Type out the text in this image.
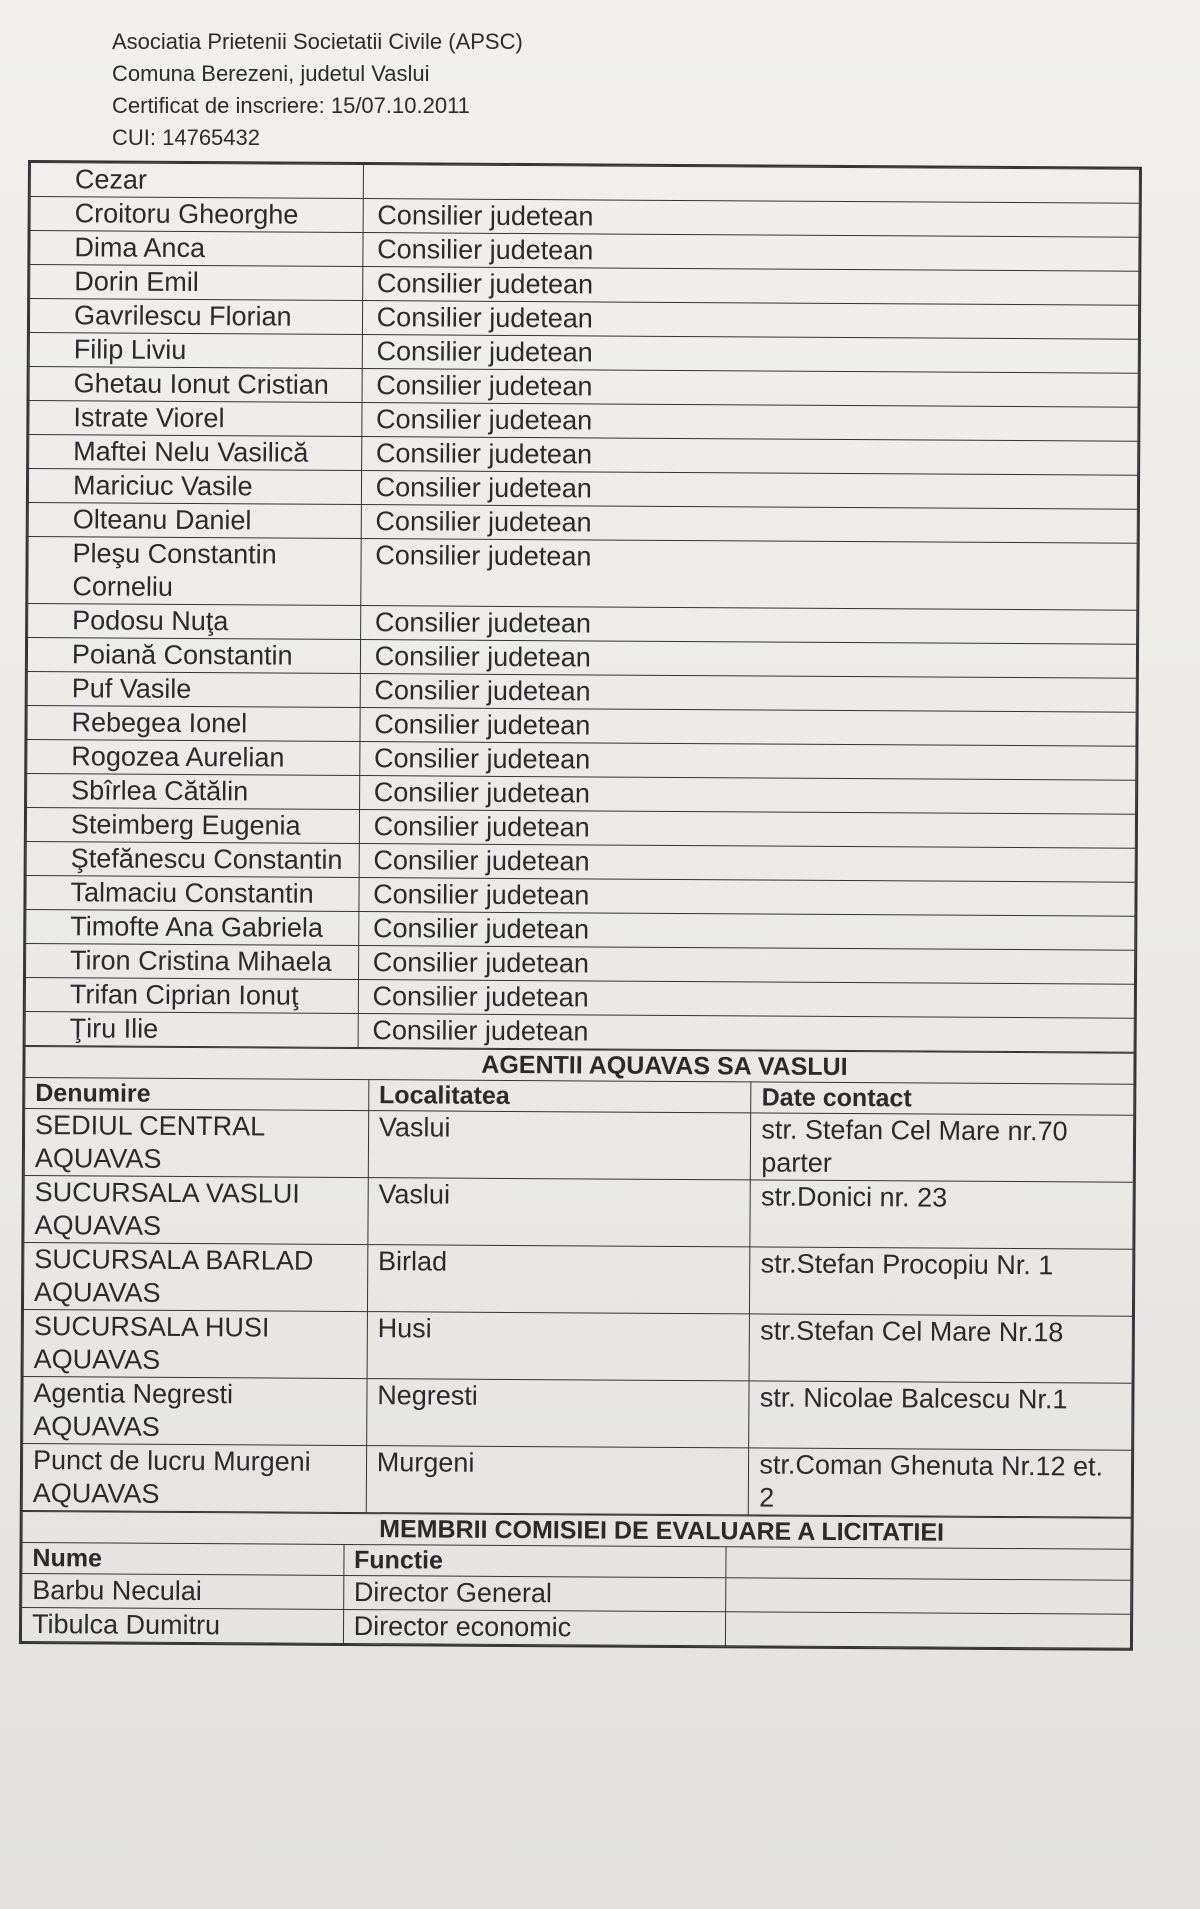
Asociatia Prietenii Societatii Civile (APSC)
Comuna Berezeni, judetul Vaslui
Certificat de inscriere: 15/07.10.2011
CUI: 14765432
Cezar	
Croitoru Gheorghe	Consilier judetean
Dima Anca	Consilier judetean
Dorin Emil	Consilier judetean
Gavrilescu Florian	Consilier judetean
Filip Liviu	Consilier judetean
Ghetau Ionut Cristian	Consilier judetean
Istrate Viorel	Consilier judetean
Maftei Nelu Vasilică	Consilier judetean
Mariciuc Vasile	Consilier judetean
Olteanu Daniel	Consilier judetean
Pleşu Constantin Corneliu	Consilier judetean
Podosu Nuţa	Consilier judetean
Poiană Constantin	Consilier judetean
Puf Vasile	Consilier judetean
Rebegea Ionel	Consilier judetean
Rogozea Aurelian	Consilier judetean
Sbîrlea Cătălin	Consilier judetean
Steimberg Eugenia	Consilier judetean
Ştefănescu Constantin	Consilier judetean
Talmaciu Constantin	Consilier judetean
Timofte Ana Gabriela	Consilier judetean
Tiron Cristina Mihaela	Consilier judetean
Trifan Ciprian Ionuţ	Consilier judetean
Ţiru Ilie	Consilier judetean
AGENTII AQUAVAS SA VASLUI		
Denumire	Localitatea	Date contact
SEDIUL CENTRAL AQUAVAS	Vaslui	str. Stefan Cel Mare nr.70 parter
SUCURSALA VASLUI AQUAVAS	Vaslui	str.Donici nr. 23
SUCURSALA BARLAD AQUAVAS	Birlad	str.Stefan Procopiu Nr. 1
SUCURSALA HUSI AQUAVAS	Husi	str.Stefan Cel Mare Nr.18
Agentia Negresti AQUAVAS	Negresti	str. Nicolae Balcescu Nr.1
Punct de lucru Murgeni AQUAVAS	Murgeni	str.Coman Ghenuta Nr.12 et. 2
MEMBRII COMISIEI DE EVALUARE A LICITATIEI		
Nume	Functie	
Barbu Neculai	Director General	
Tibulca Dumitru	Director economic	
